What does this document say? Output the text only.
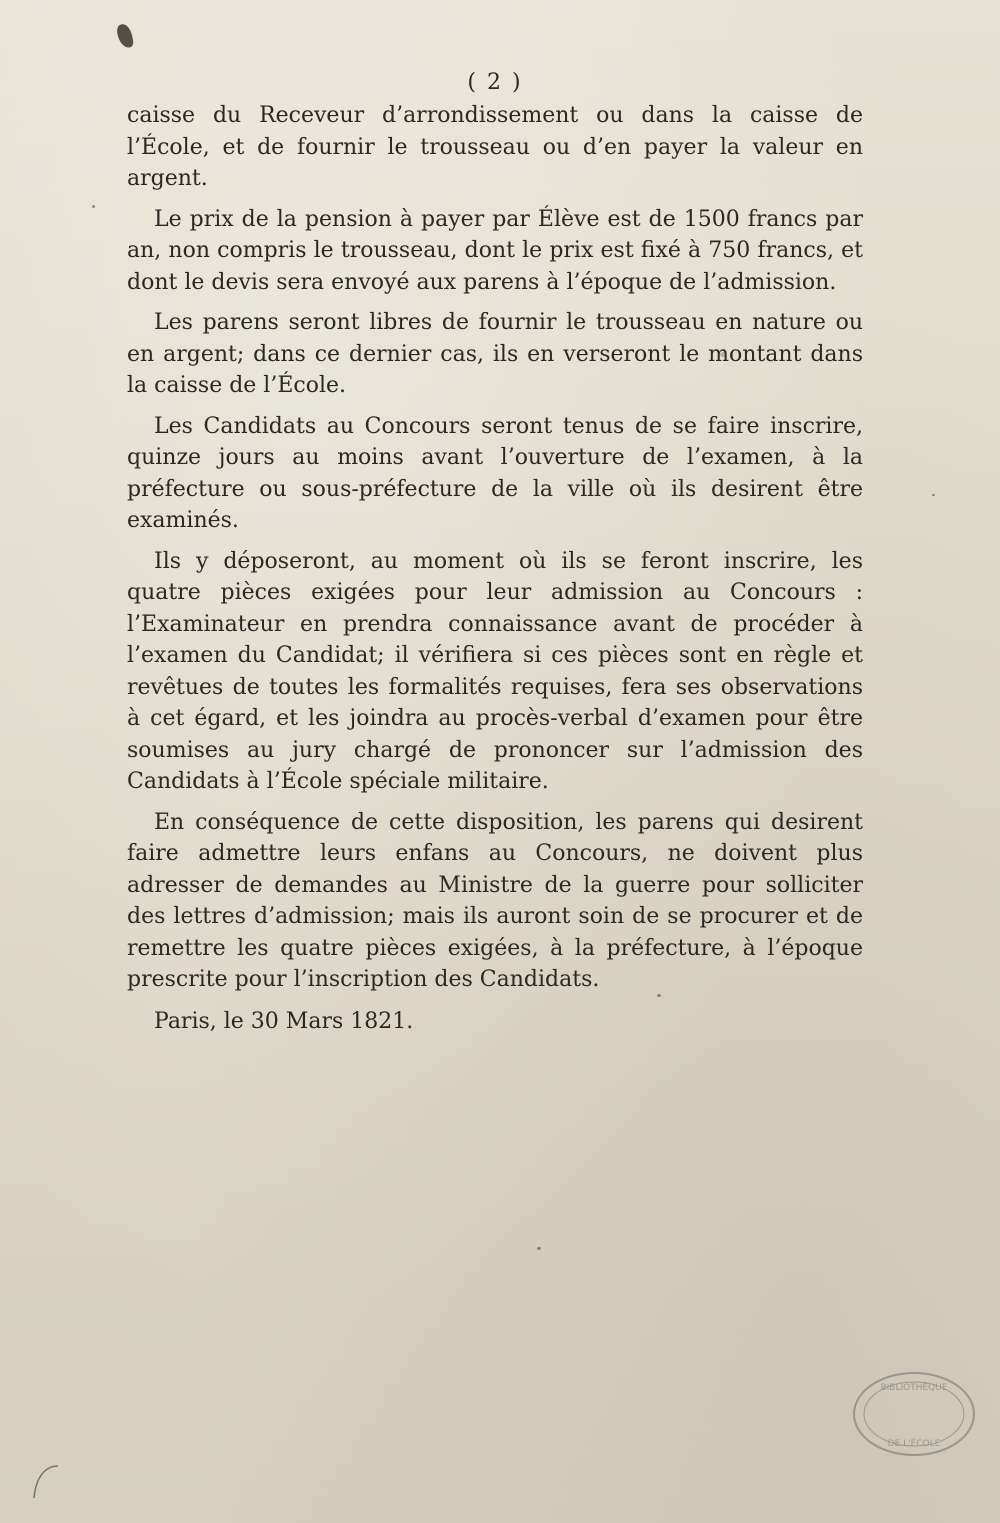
( 2 )

caisse du Receveur d’arrondissement ou dans la caisse de l’École, et de fournir le trousseau ou d’en payer la valeur en argent.

Le prix de la pension à payer par Élève est de 1500 francs par an, non compris le trousseau, dont le prix est fixé à 750 francs, et dont le devis sera envoyé aux parens à l’époque de l’admission.

Les parens seront libres de fournir le trousseau en nature ou en argent; dans ce dernier cas, ils en verseront le montant dans la caisse de l’École.

Les Candidats au Concours seront tenus de se faire inscrire, quinze jours au moins avant l’ouverture de l’examen, à la préfecture ou sous-préfecture de la ville où ils desirent être examinés.

Ils y déposeront, au moment où ils se feront inscrire, les quatre pièces exigées pour leur admission au Concours : l’Examinateur en prendra connaissance avant de procéder à l’examen du Candidat; il vérifiera si ces pièces sont en règle et revêtues de toutes les formalités requises, fera ses observations à cet égard, et les joindra au procès-verbal d’examen pour être soumises au jury chargé de prononcer sur l’admission des Candidats à l’École spéciale militaire.

En conséquence de cette disposition, les parens qui desirent faire admettre leurs enfans au Concours, ne doivent plus adresser de demandes au Ministre de la guerre pour solliciter des lettres d’admission; mais ils auront soin de se procurer et de remettre les quatre pièces exigées, à la préfecture, à l’époque prescrite pour l’inscription des Candidats.

Paris, le 30 Mars 1821.

BIBLIOTHÈQUE
DE L'ÉCOLE
